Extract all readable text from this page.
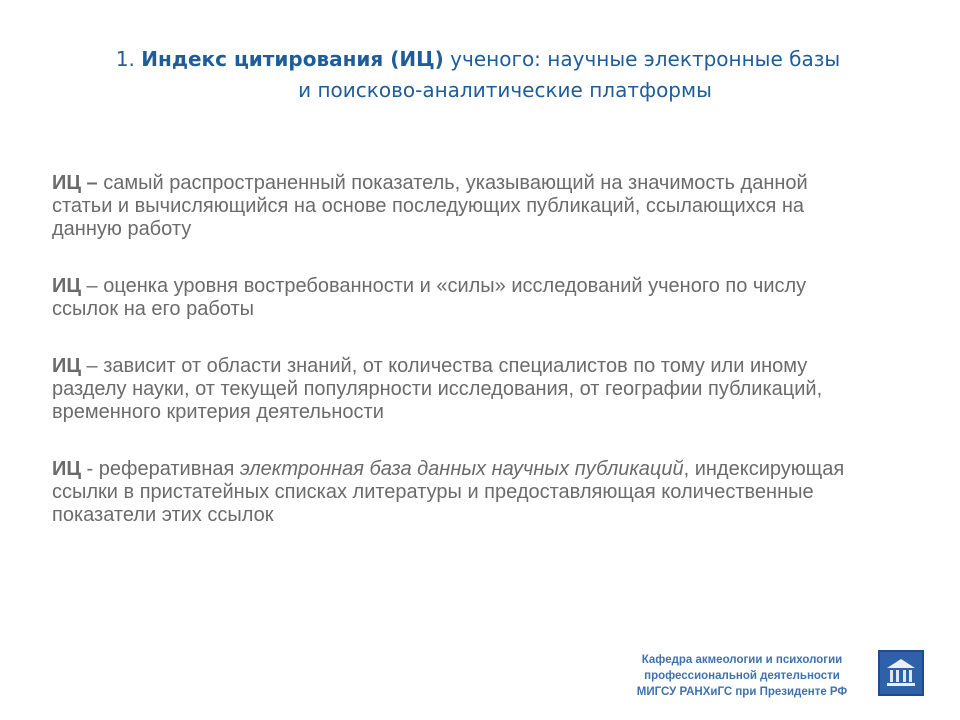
1. Индекс цитирования (ИЦ) ученого: научные электронные базы
и поисково-аналитические платформы

ИЦ – самый распространенный показатель, указывающий на значимость данной статьи и вычисляющийся на основе последующих публикаций, ссылающихся на данную работу

ИЦ – оценка уровня востребованности и «силы» исследований ученого по числу ссылок на его работы

ИЦ – зависит от области знаний, от количества специалистов по тому или иному разделу науки, от текущей популярности исследования, от географии публикаций, временного критерия деятельности

ИЦ - реферативная электронная база данных научных публикаций, индексирующая ссылки в пристатейных списках литературы и предоставляющая количественные показатели этих ссылок

Кафедра акмеологии и психологии
профессиональной деятельности
МИГСУ РАНХиГС при Президенте РФ
